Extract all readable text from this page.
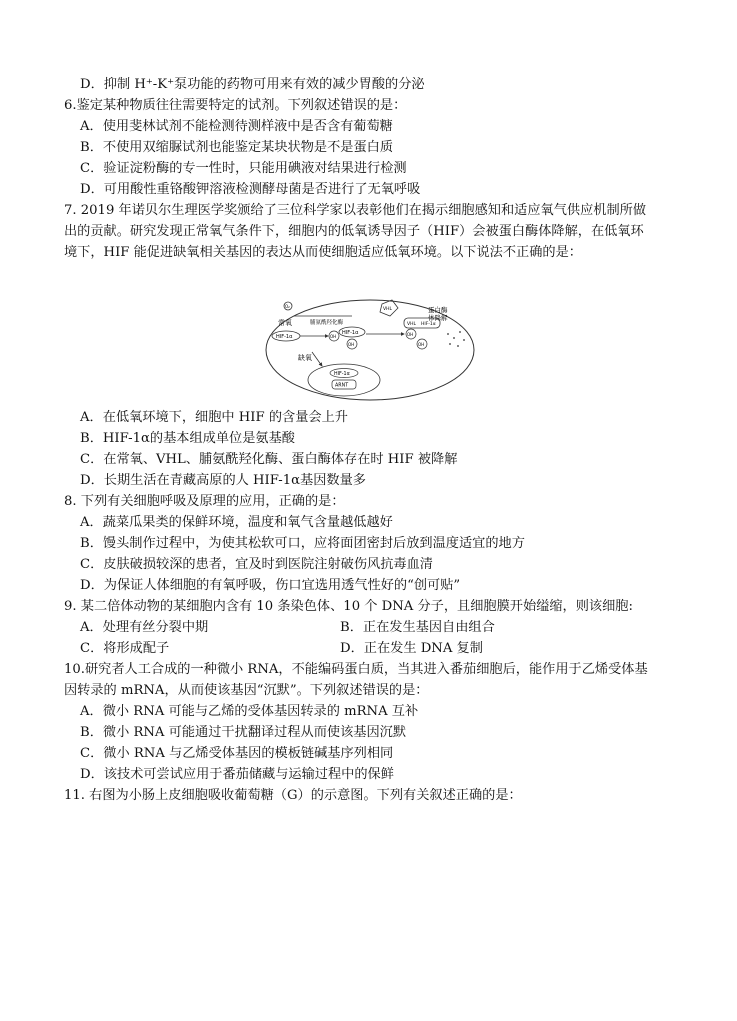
D．抑制 H⁺-K⁺泵功能的药物可用来有效的减少胃酸的分泌
6.鉴定某种物质往往需要特定的试剂。下列叙述错误的是：
A．使用斐林试剂不能检测待测样液中是否含有葡萄糖
B．不使用双缩脲试剂也能鉴定某块状物是不是蛋白质
C．验证淀粉酶的专一性时，只能用碘液对结果进行检测
D．可用酸性重铬酸钾溶液检测酵母菌是否进行了无氧呼吸
7. 2019 年诺贝尔生理医学奖颁给了三位科学家以表彰他们在揭示细胞感知和适应氧气供应机制所做
出的贡献。研究发现正常氧气条件下，细胞内的低氧诱导因子（HIF）会被蛋白酶体降解，在低氧环
境下，HIF 能促进缺氧相关基因的表达从而使细胞适应低氧环境。以下说法不正确的是：
O₂
常氧	脯氨酰羟化酶
HIF-1α	OH
HIF-1α
OH
VHL
OH
VHL HIF-1α
OH
蛋白酶
体降解
缺氧
HIF-1α
ARNT
A．在低氧环境下，细胞中 HIF 的含量会上升
B．HIF-1α的基本组成单位是氨基酸
C．在常氧、VHL、脯氨酰羟化酶、蛋白酶体存在时 HIF 被降解
D．长期生活在青藏高原的人 HIF-1α基因数量多
8. 下列有关细胞呼吸及原理的应用，正确的是：
A．蔬菜瓜果类的保鲜环境，温度和氧气含量越低越好
B．馒头制作过程中，为使其松软可口，应将面团密封后放到温度适宜的地方
C．皮肤破损较深的患者，宜及时到医院注射破伤风抗毒血清
D．为保证人体细胞的有氧呼吸，伤口宜选用透气性好的“创可贴”
9. 某二倍体动物的某细胞内含有 10 条染色体、10 个 DNA 分子，且细胞膜开始缢缩，则该细胞:
A．处理有丝分裂中期	B．正在发生基因自由组合
C．将形成配子	D．正在发生 DNA 复制
10.研究者人工合成的一种微小 RNA，不能编码蛋白质，当其进入番茄细胞后，能作用于乙烯受体基
因转录的 mRNA，从而使该基因“沉默”。下列叙述错误的是：
A．微小 RNA 可能与乙烯的受体基因转录的 mRNA 互补
B．微小 RNA 可能通过干扰翻译过程从而使该基因沉默
C．微小 RNA 与乙烯受体基因的模板链碱基序列相同
D．该技术可尝试应用于番茄储藏与运输过程中的保鲜
11. 右图为小肠上皮细胞吸收葡萄糖（G）的示意图。下列有关叙述正确的是：
